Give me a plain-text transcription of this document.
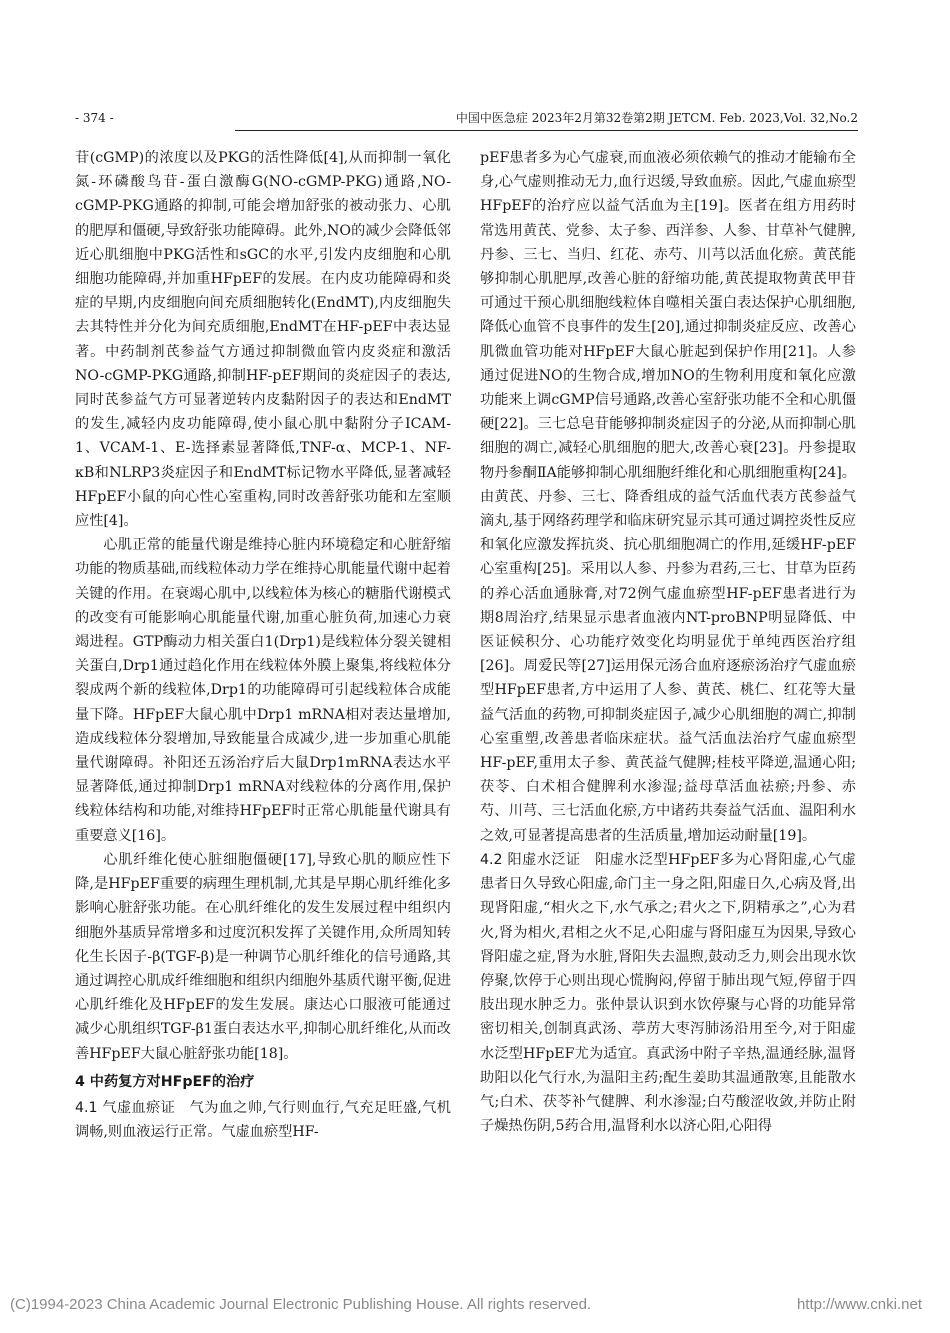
- 374 -	中国中医急症 2023年2月第32卷第2期 JETCM. Feb. 2023,Vol. 32,No.2

苷(cGMP)的浓度以及PKG的活性降低[4],从而抑制一氧化氮-环磷酸鸟苷-蛋白激酶G(NO-cGMP-PKG)通路,NO-cGMP-PKG通路的抑制,可能会增加舒张的被动张力、心肌的肥厚和僵硬,导致舒张功能障碍。此外,NO的减少会降低邻近心肌细胞中PKG活性和sGC的水平,引发内皮细胞和心肌细胞功能障碍,并加重HFpEF的发展。在内皮功能障碍和炎症的早期,内皮细胞向间充质细胞转化(EndMT),内皮细胞失去其特性并分化为间充质细胞,EndMT在HF-pEF中表达显著。中药制剂芪参益气方通过抑制微血管内皮炎症和激活NO-cGMP-PKG通路,抑制HF-pEF期间的炎症因子的表达,同时芪参益气方可显著逆转内皮黏附因子的表达和EndMT的发生,减轻内皮功能障碍,使小鼠心肌中黏附分子ICAM-1、VCAM-1、E-选择素显著降低,TNF-α、MCP-1、NF-κB和NLRP3炎症因子和EndMT标记物水平降低,显著减轻HFpEF小鼠的向心性心室重构,同时改善舒张功能和左室顺应性[4]。

心肌正常的能量代谢是维持心脏内环境稳定和心脏舒缩功能的物质基础,而线粒体动力学在维持心肌能量代谢中起着关键的作用。在衰竭心肌中,以线粒体为核心的糖脂代谢模式的改变有可能影响心肌能量代谢,加重心脏负荷,加速心力衰竭进程。GTP酶动力相关蛋白1(Drp1)是线粒体分裂关键相关蛋白,Drp1通过趋化作用在线粒体外膜上聚集,将线粒体分裂成两个新的线粒体,Drp1的功能障碍可引起线粒体合成能量下降。HFpEF大鼠心肌中Drp1 mRNA相对表达量增加,造成线粒体分裂增加,导致能量合成减少,进一步加重心肌能量代谢障碍。补阳还五汤治疗后大鼠Drp1mRNA表达水平显著降低,通过抑制Drp1 mRNA对线粒体的分离作用,保护线粒体结构和功能,对维持HFpEF时正常心肌能量代谢具有重要意义[16]。

心肌纤维化使心脏细胞僵硬[17],导致心肌的顺应性下降,是HFpEF重要的病理生理机制,尤其是早期心肌纤维化多影响心脏舒张功能。在心肌纤维化的发生发展过程中组织内细胞外基质异常增多和过度沉积发挥了关键作用,众所周知转化生长因子-β(TGF-β)是一种调节心肌纤维化的信号通路,其通过调控心肌成纤维细胞和组织内细胞外基质代谢平衡,促进心肌纤维化及HFpEF的发生发展。康达心口服液可能通过减少心肌组织TGF-β1蛋白表达水平,抑制心肌纤维化,从而改善HFpEF大鼠心脏舒张功能[18]。

4 中药复方对HFpEF的治疗

4.1 气虚血瘀证　 气为血之帅,气行则血行,气充足旺盛,气机调畅,则血液运行正常。气虚血瘀型HF-

pEF患者多为心气虚衰,而血液必须依赖气的推动才能输布全身,心气虚则推动无力,血行迟缓,导致血瘀。因此,气虚血瘀型HFpEF的治疗应以益气活血为主[19]。医者在组方用药时常选用黄芪、党参、太子参、西洋参、人参、甘草补气健脾,丹参、三七、当归、红花、赤芍、川芎以活血化瘀。黄芪能够抑制心肌肥厚,改善心脏的舒缩功能,黄芪提取物黄芪甲苷可通过干预心肌细胞线粒体自噬相关蛋白表达保护心肌细胞,降低心血管不良事件的发生[20],通过抑制炎症反应、改善心肌微血管功能对HFpEF大鼠心脏起到保护作用[21]。人参通过促进NO的生物合成,增加NO的生物利用度和氧化应激功能来上调cGMP信号通路,改善心室舒张功能不全和心肌僵硬[22]。三七总皂苷能够抑制炎症因子的分泌,从而抑制心肌细胞的凋亡,减轻心肌细胞的肥大,改善心衰[23]。丹参提取物丹参酮ⅡA能够抑制心肌细胞纤维化和心肌细胞重构[24]。由黄芪、丹参、三七、降香组成的益气活血代表方芪参益气滴丸,基于网络药理学和临床研究显示其可通过调控炎性反应和氧化应激发挥抗炎、抗心肌细胞凋亡的作用,延缓HF-pEF心室重构[25]。采用以人参、丹参为君药,三七、甘草为臣药的养心活血通脉膏,对72例气虚血瘀型HF-pEF患者进行为期8周治疗,结果显示患者血液内NT-proBNP明显降低、中医证候积分、心功能疗效变化均明显优于单纯西医治疗组[26]。周爱民等[27]运用保元汤合血府逐瘀汤治疗气虚血瘀型HFpEF患者,方中运用了人参、黄芪、桃仁、红花等大量益气活血的药物,可抑制炎症因子,减少心肌细胞的凋亡,抑制心室重塑,改善患者临床症状。益气活血法治疗气虚血瘀型HF-pEF,重用太子参、黄芪益气健脾;桂枝平降逆,温通心阳;茯苓、白术相合健脾利水渗湿;益母草活血祛瘀;丹参、赤芍、川芎、三七活血化瘀,方中诸药共奏益气活血、温阳利水之效,可显著提高患者的生活质量,增加运动耐量[19]。

4.2 阳虚水泛证　 阳虚水泛型HFpEF多为心肾阳虚,心气虚患者日久导致心阳虚,命门主一身之阳,阳虚日久,心病及肾,出现肾阳虚,“相火之下,水气承之;君火之下,阴精承之”,心为君火,肾为相火,君相之火不足,心阳虚与肾阳虚互为因果,导致心肾阳虚之症,肾为水脏,肾阳失去温煦,鼓动乏力,则会出现水饮停聚,饮停于心则出现心慌胸闷,停留于肺出现气短,停留于四肢出现水肿乏力。张仲景认识到水饮停聚与心肾的功能异常密切相关,创制真武汤、葶苈大枣泻肺汤沿用至今,对于阳虚水泛型HFpEF尤为适宜。真武汤中附子辛热,温通经脉,温肾助阳以化气行水,为温阳主药;配生姜助其温通散寒,且能散水气;白术、茯苓补气健脾、利水渗湿;白芍酸涩收敛,并防止附子燥热伤阴,5药合用,温肾利水以济心阳,心阳得

(C)1994-2023 China Academic Journal Electronic Publishing House. All rights reserved.	http://www.cnki.net
